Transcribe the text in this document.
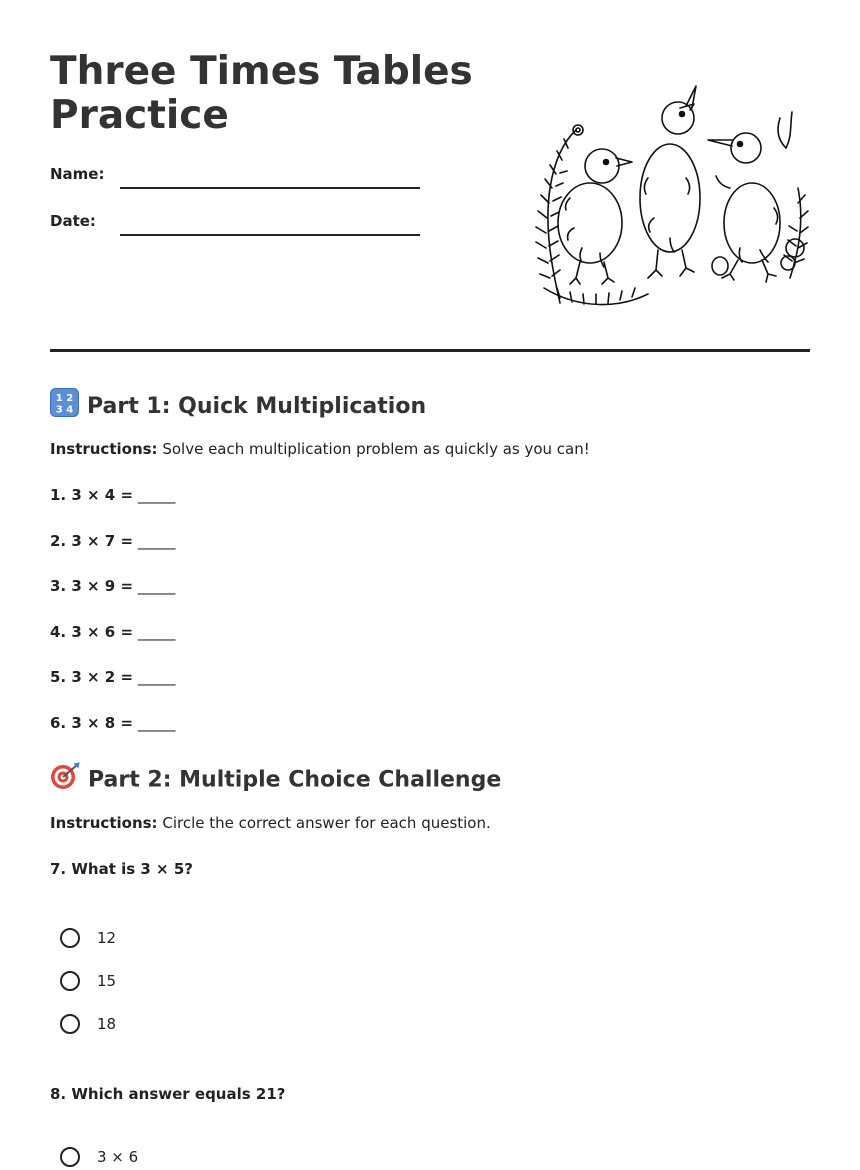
Three Times Tables Practice
Name:
Date:
1 2
3 4 Part 1: Quick Multiplication
Instructions: Solve each multiplication problem as quickly as you can!
1. 3 × 4 = _____
2. 3 × 7 = _____
3. 3 × 9 = _____
4. 3 × 6 = _____
5. 3 × 2 = _____
6. 3 × 8 = _____
Part 2: Multiple Choice Challenge
Instructions: Circle the correct answer for each question.
7. What is 3 × 5?
12
15
18
8. Which answer equals 21?
3 × 6
